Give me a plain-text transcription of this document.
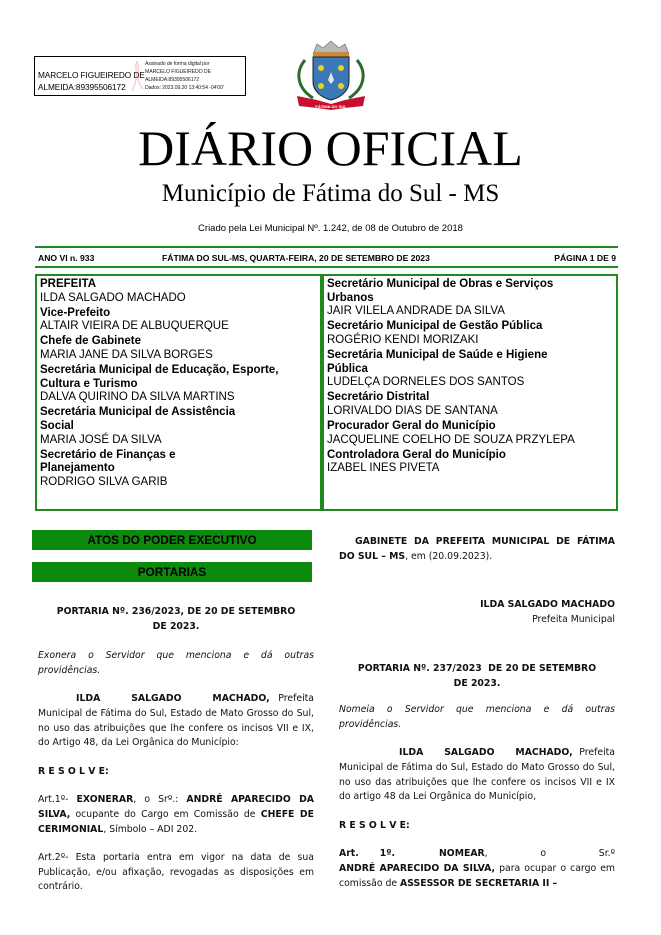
MARCELO FIGUEIREDO DE
ALMEIDA:89395506172
Assinado de forma digital por
MARCELO FIGUEIREDO DE
ALMEIDA:89395506172
Dados: 2023.09.20 13:40:54 -04'00'
FÁTIMA DO SUL
DIÁRIO OFICIAL
Município de Fátima do Sul - MS
Criado pela Lei Municipal Nº. 1.242, de 08 de Outubro de 2018
ANO VI n. 933	FÁTIMA DO SUL-MS, QUARTA-FEIRA, 20 DE SETEMBRO DE 2023	PÁGINA 1 DE 9
PREFEITA
ILDA SALGADO MACHADO
Vice-Prefeito
ALTAIR VIEIRA DE ALBUQUERQUE
Chefe de Gabinete
MARIA JANE DA SILVA BORGES
Secretária Municipal de Educação, Esporte, Cultura e Turismo
DALVA QUIRINO DA SILVA MARTINS
Secretária Municipal de Assistência Social
MARIA JOSÉ DA SILVA
Secretário de Finanças e Planejamento
RODRIGO SILVA GARIB
Secretário Municipal de Obras e Serviços Urbanos
JAIR VILELA ANDRADE DA SILVA
Secretário Municipal de Gestão Pública
ROGÉRIO KENDI MORIZAKI
Secretária Municipal de Saúde e Higiene Pública
LUDELÇA DORNELES DOS SANTOS
Secretário Distrital
LORIVALDO DIAS DE SANTANA
Procurador Geral do Município
JACQUELINE COELHO DE SOUZA PRZYLEPA
Controladora Geral do Município
IZABEL INES PIVETA
ATOS DO PODER EXECUTIVO
PORTARIAS
PORTARIA Nº. 236/2023, DE 20 DE SETEMBRO
DE 2023.
Exonera o Servidor que menciona e dá outras providências.
ILDA SALGADO MACHADO, Prefeita Municipal de Fátima do Sul, Estado de Mato Grosso do Sul, no uso das atribuições que lhe confere os incisos VII e IX, do Artigo 48, da Lei Orgânica do Município:
R E S O L V E:
Art.1º- EXONERAR, o Srº.: ANDRÉ APARECIDO DA SILVA, ocupante do Cargo em Comissão de CHEFE DE CERIMONIAL, Símbolo – ADI 202.
Art.2º- Esta portaria entra em vigor na data de sua Publicação, e/ou afixação, revogadas as disposições em contrário.
GABINETE DA PREFEITA MUNICIPAL DE FÁTIMA DO SUL – MS, em (20.09.2023).
ILDA SALGADO MACHADO
Prefeita Municipal
PORTARIA Nº. 237/2023  DE 20 DE SETEMBRO
DE 2023.
Nomeia o Servidor que menciona e dá outras providências.
ILDA SALGADO MACHADO, Prefeita Municipal de Fátima do Sul, Estado do Mato Grosso do Sul, no uso das atribuições que lhe confere os incisos VII e IX do artigo 48 da Lei Orgânica do Município,
R E S O L V E:
Art. 1º.	NOMEAR, o Sr.º ANDRÉ APARECIDO DA SILVA, para ocupar o cargo em comissão de ASSESSOR DE SECRETARIA II –
